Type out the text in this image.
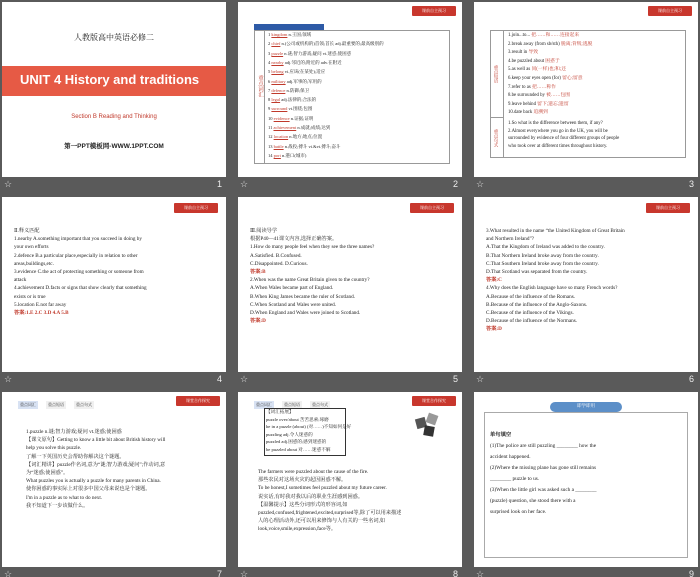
人教版高中英语必修二
UNIT 4 History and traditions
Section B Reading and Thinking
第一PPT模板网-WWW.1PPT.COM
☆	1
课前自主预习
重点词汇
1 kingdom n.王国;领域
2 chief n.(公司或机构的)首领;首长 adj.最重要的;最高级别的
3 puzzle n.谜;智力游戏;疑问 vt.迷惑;使困惑
4 nearby adj.邻近的;附近的 adv.在附近
5 belong vi.应该(在某处);适应
6 military adj.军事的;军用的
7 defence n.防御;保卫
8 legal adj.法律的;合法的
9 surround vt.围绕;包围
10 evidence n.证据;证明
11 achievement n.成就;成绩;达到
12 location n.地方;地点;位置
13 battle n.战役;搏斗 vi.&vt.搏斗;奋斗
14 port n.港口(城市)
☆	2
课前自主预习
重点短语
重点句式
1.join...to... 把……和……连接起来
2.break away (from sb/sth) 脱离;背叛;逃脱
3.result in 导致
4.be puzzled about 困惑于
5.as well as 同(一样)也;和;还
6.keep your eyes open (for) 留心;留意
7.refer to as 把……称作
8.be surrounded by 被……包围
9.leave behind 留下;遗忘;遗留
10.date back 追溯到
1.So what is the difference between them, if any?
2.Almost everywhere you go in the UK, you will be
surrounded by evidence of four different groups of people
who took over at different times throughout history.
☆	3
课前自主预习
Ⅱ.释义匹配
1.nearby A.something important that you succeed in doing by
your own efforts
2.defence B.a particular place,especially in relation to other
areas,buildings,etc.
3.evidence C.the act of protecting something or someone from
attack
4.achievement D.facts or signs that show clearly that something
exists or is true
5.location E.not far away
答案:1.E 2.C 3.D 4.A 5.B
☆	4
课前自主预习
Ⅲ.阅读导学
根据P40—41课文内容,选择正确答案。
1.How do many people feel when they see the three names?
A.Satisfied. B.Confused.
C.Disappointed. D.Curious.
答案:B
2.When was the name Great Britain given to the country?
A.When Wales became part of England.
B.When King James became the ruler of Scotland.
C.When Scotland and Wales were united.
D.When England and Wales were joined to Scotland.
答案:D
☆	5
课前自主预习
3.What resulted in the name “the United Kingdom of Great Britain
and Northern Ireland”?
A.That the Kingdom of Ireland was added to the country.
B.That Northern Ireland broke away from the country.
C.That Southern Ireland broke away from the country.
D.That Scotland was separated from the country.
答案:C
4.Why does the English language have so many French words?
A.Because of the influence of the Romans.
B.Because of the influence of the Anglo-Saxons.
C.Because of the influence of the Vikings.
D.Because of the influence of the Normans.
答案:D
☆	6
课堂合作探究
重点词汇	重点短语	重点句式
1.puzzle n.谜;智力游戏;疑问 vt.迷惑;使困惑
【课文原句】Getting to know a little bit about British history will
help you solve this puzzle.
了解一下英国历史会帮助你解决这个谜题。
【词汇精讲】puzzle作名词,意为“谜;智力游戏;疑问”;作动词,意
为“迷惑;使困惑”。
What puzzles you is actually a puzzle for many parents in China.
使你困惑的事实际上对很多中国父母来说也是个谜题。
I'm in a puzzle as to what to do next.
我不知道下一步该做什么。
☆	7
课堂合作探究
重点词汇	重点短语	重点句式
【词汇拓展】
puzzle over/about 苦苦思索;琢磨
be in a puzzle (about) (对……)不知如何是好
puzzling adj.令人迷惑的
puzzled adj.困惑的;感到迷惑的
be puzzled about 对……迷惑不解
The farmers were puzzled about the cause of the fire.
那些农民对这场火灾的起因困惑不解。
To be honest,I sometimes feel puzzled about my future career.
说实话,有时我对我以后的职业生涯感到困惑。
【温馨提示】这些分词形式的形容词,如
puzzled,confused,frightened,excited,surprised等,除了可以用来描述
人的心理活动外,还可以用来修饰与人有关的一些名词,如
look,voice,smile,expression,face等。
☆	8
即学即用
单句填空
(1)The police are still puzzling ________ how the
accident happened.
(2)Where the missing plane has gone still remains
________ puzzle to us.
(3)When the little girl was asked such a ________
(puzzle) question, she stood there with a
surprised look on her face.
☆	9
